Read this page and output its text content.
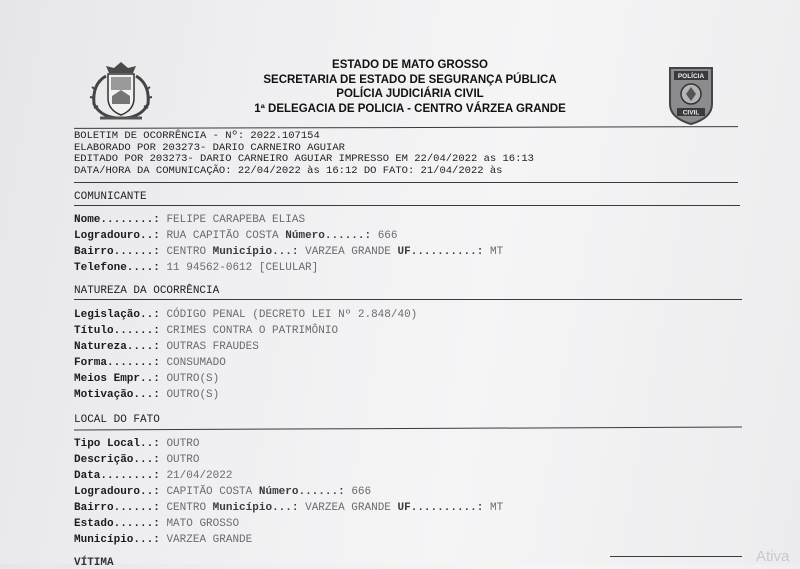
ESTADO DE MATO GROSSO
SECRETARIA DE ESTADO DE SEGURANÇA PÚBLICA
POLÍCIA JUDICIÁRIA CIVIL
1ª DELEGACIA DE POLICIA - CENTRO VÁRZEA GRANDE
POLÍCIA
CIVIL
BOLETIM DE OCORRÊNCIA - Nº: 2022.107154
ELABORADO POR 203273- DARIO CARNEIRO AGUIAR
EDITADO POR 203273- DARIO CARNEIRO AGUIAR IMPRESSO EM 22/04/2022 as 16:13
DATA/HORA DA COMUNICAÇÃO: 22/04/2022 às 16:12 DO FATO: 21/04/2022 às
COMUNICANTE
Nome........: FELIPE CARAPEBA ELIAS
Logradouro..: RUA CAPITÃO COSTA Número......: 666
Bairro......: CENTRO Município...: VARZEA GRANDE UF..........: MT
Telefone....: 11 94562-0612 [CELULAR]
NATUREZA DA OCORRÊNCIA
Legislação..: CÓDIGO PENAL (DECRETO LEI Nº 2.848/40)
Título......: CRIMES CONTRA O PATRIMÔNIO
Natureza....: OUTRAS FRAUDES
Forma.......: CONSUMADO
Meios Empr..: OUTRO(S)
Motivação...: OUTRO(S)
LOCAL DO FATO
Tipo Local..: OUTRO
Descrição...: OUTRO
Data........: 21/04/2022
Logradouro..: CAPITÃO COSTA Número......: 666
Bairro......: CENTRO Município...: VARZEA GRANDE UF..........: MT
Estado......: MATO GROSSO
Município...: VARZEA GRANDE
VÍTIMA	Ativa
